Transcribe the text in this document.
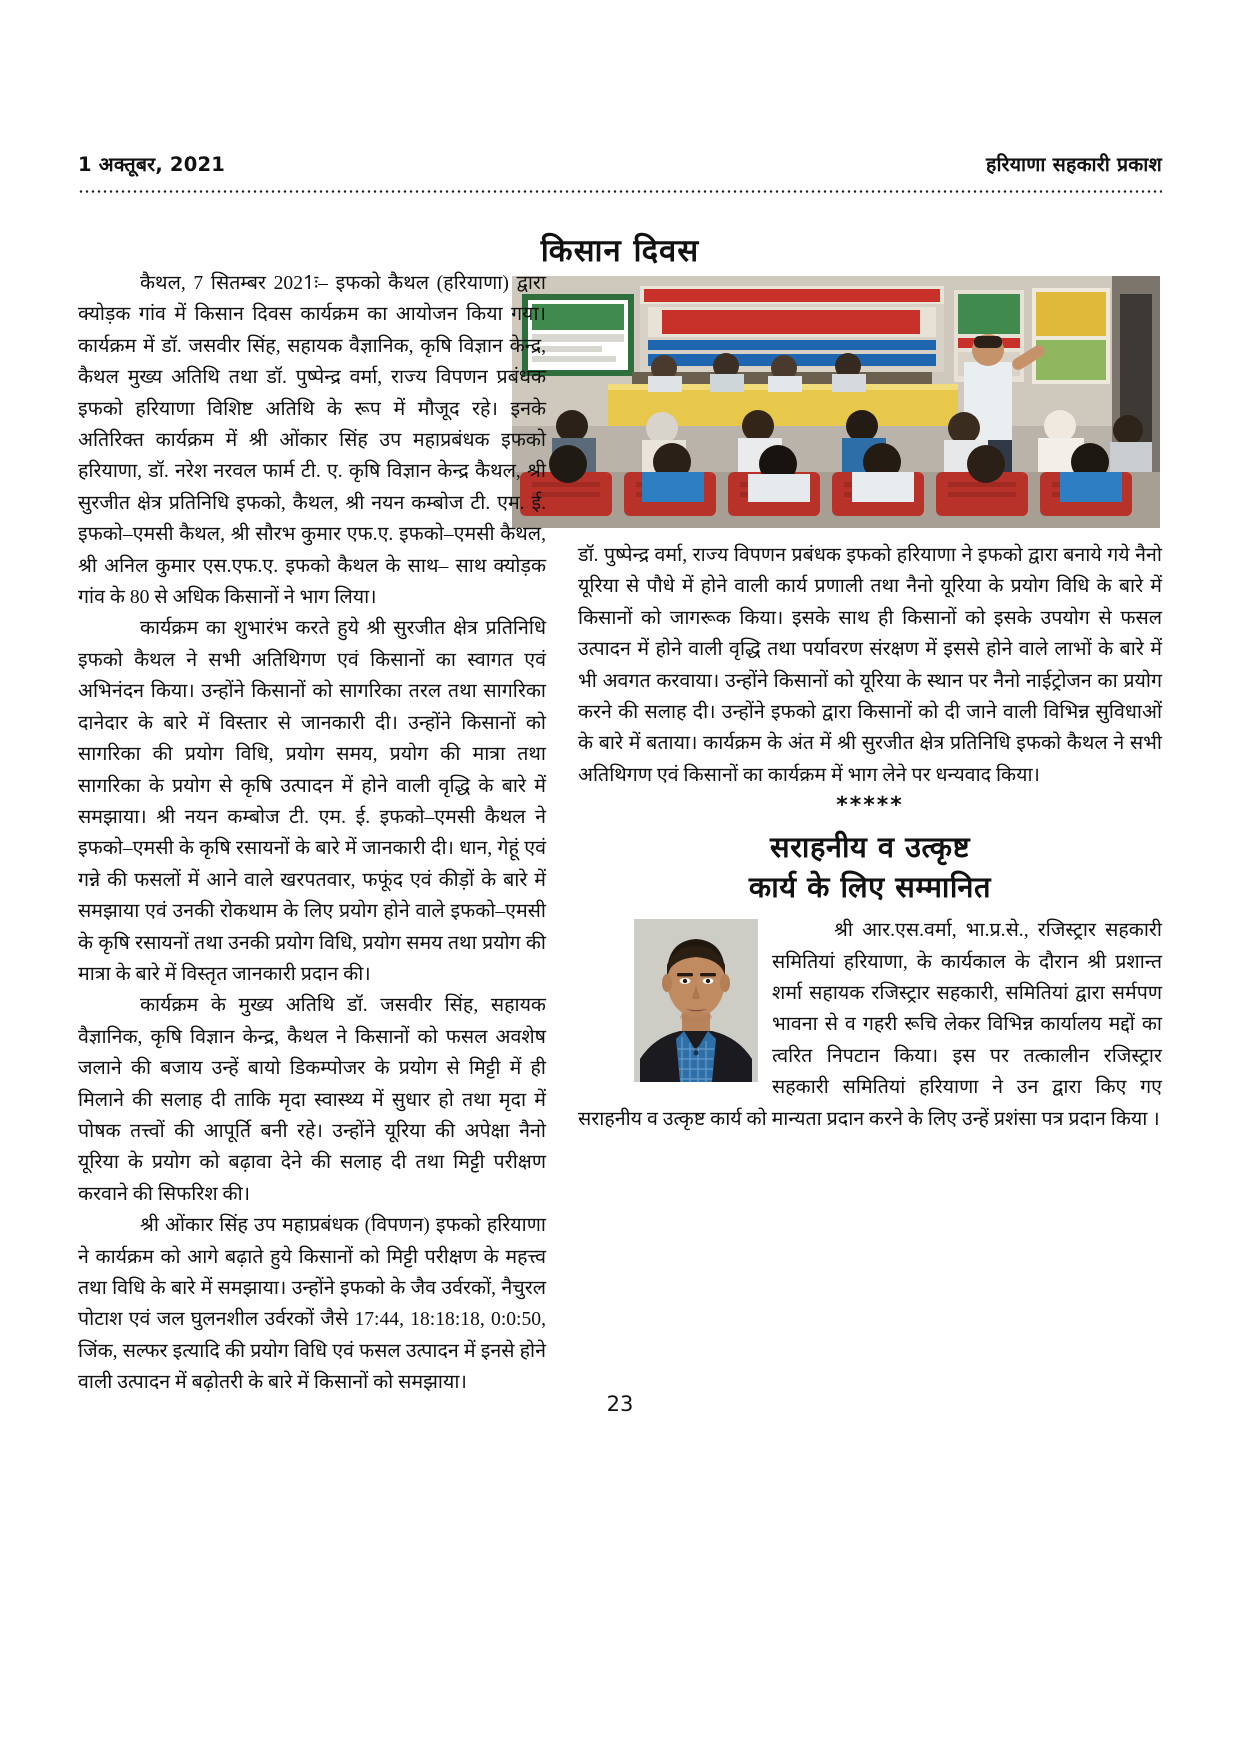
1 अक्तूबर, 2021	हरियाणा सहकारी प्रकाश
किसान दिवस

कैथल, 7 सितम्बर 2021ः– इफको कैथल (हरियाणा) द्वारा क्योड़क गांव में किसान दिवस कार्यक्रम का आयोजन किया गया। कार्यक्रम में डॉ. जसवीर सिंह, सहायक वैज्ञानिक, कृषि विज्ञान केन्द्र, कैथल मुख्य अतिथि तथा डॉ. पुष्पेन्द्र वर्मा, राज्य विपणन प्रबंधक इफको हरियाणा विशिष्ट अतिथि के रूप में मौजूद रहे। इनके अतिरिक्त कार्यक्रम में श्री ओंकार सिंह उप महाप्रबंधक इफको हरियाणा, डॉ. नरेश नरवल फार्म टी. ए. कृषि विज्ञान केन्द्र कैथल, श्री सुरजीत क्षेत्र प्रतिनिधि इफको, कैथल, श्री नयन कम्बोज टी. एम. ई. इफको–एमसी कैथल, श्री सौरभ कुमार एफ.ए. इफको–एमसी कैथल, श्री अनिल कुमार एस.एफ.ए. इफको कैथल के साथ– साथ क्योड़क गांव के 80 से अधिक किसानों ने भाग लिया।

कार्यक्रम का शुभारंभ करते हुये श्री सुरजीत क्षेत्र प्रतिनिधि इफको कैथल ने सभी अतिथिगण एवं किसानों का स्वागत एवं अभिनंदन किया। उन्होंने किसानों को सागरिका तरल तथा सागरिका दानेदार के बारे में विस्तार से जानकारी दी। उन्होंने किसानों को सागरिका की प्रयोग विधि, प्रयोग समय, प्रयोग की मात्रा तथा सागरिका के प्रयोग से कृषि उत्पादन में होने वाली वृद्धि के बारे में समझाया। श्री नयन कम्बोज टी. एम. ई. इफको–एमसी कैथल ने इफको–एमसी के कृषि रसायनों के बारे में जानकारी दी। धान, गेहूं एवं गन्ने की फसलों में आने वाले खरपतवार, फफूंद एवं कीड़ों के बारे में समझाया एवं उनकी रोकथाम के लिए प्रयोग होने वाले इफको–एमसी के कृषि रसायनों तथा उनकी प्रयोग विधि, प्रयोग समय तथा प्रयोग की मात्रा के बारे में विस्तृत जानकारी प्रदान की।

कार्यक्रम के मुख्य अतिथि डॉ. जसवीर सिंह, सहायक वैज्ञानिक, कृषि विज्ञान केन्द्र, कैथल ने किसानों को फसल अवशेष जलाने की बजाय उन्हें बायो डिकम्पोजर के प्रयोग से मिट्टी में ही मिलाने की सलाह दी ताकि मृदा स्वास्थ्य में सुधार हो तथा मृदा में पोषक तत्त्वों की आपूर्ति बनी रहे। उन्होंने यूरिया की अपेक्षा नैनो यूरिया के प्रयोग को बढ़ावा देने की सलाह दी तथा मिट्टी परीक्षण करवाने की सिफरिश की।

श्री ओंकार सिंह उप महाप्रबंधक (विपणन) इफको हरियाणा ने कार्यक्रम को आगे बढ़ाते हुये किसानों को मिट्टी परीक्षण के महत्त्व तथा विधि के बारे में समझाया। उन्होंने इफको के जैव उर्वरकों, नैचुरल पोटाश एवं जल घुलनशील उर्वरकों जैसे 17:44, 18:18:18, 0:0:50, जिंक, सल्फर इत्यादि की प्रयोग विधि एवं फसल उत्पादन में इनसे होने वाली उत्पादन में बढ़ोतरी के बारे में किसानों को समझाया।

डॉ. पुष्पेन्द्र वर्मा, राज्य विपणन प्रबंधक इफको हरियाणा ने इफको द्वारा बनाये गये नैनो यूरिया से पौधे में होने वाली कार्य प्रणाली तथा नैनो यूरिया के प्रयोग विधि के बारे में किसानों को जागरूक किया। इसके साथ ही किसानों को इसके उपयोग से फसल उत्पादन में होने वाली वृद्धि तथा पर्यावरण संरक्षण में इससे होने वाले लाभों के बारे में भी अवगत करवाया। उन्होंने किसानों को यूरिया के स्थान पर नैनो नाईट्रोजन का प्रयोग करने की सलाह दी। उन्होंने इफको द्वारा किसानों को दी जाने वाली विभिन्न सुविधाओं के बारे में बताया। कार्यक्रम के अंत में श्री सुरजीत क्षेत्र प्रतिनिधि इफको कैथल ने सभी अतिथिगण एवं किसानों का कार्यक्रम में भाग लेने पर धन्यवाद किया।

*****
सराहनीय व उत्कृष्ट
कार्य के लिए सम्मानित

श्री आर.एस.वर्मा, भा.प्र.से., रजिस्ट्रार सहकारी समितियां हरियाणा, के कार्यकाल के दौरान श्री प्रशान्त शर्मा सहायक रजिस्ट्रार सहकारी, समितियां द्वारा सर्मपण भावना से व गहरी रूचि लेकर विभिन्न कार्यालय मद्दों का त्वरित निपटान किया। इस पर तत्कालीन रजिस्ट्रार सहकारी समितियां हरियाणा ने उन द्वारा किए गए सराहनीय व उत्कृष्ट कार्य को मान्यता प्रदान करने के लिए उन्हें प्रशंसा पत्र प्रदान किया ।

23
